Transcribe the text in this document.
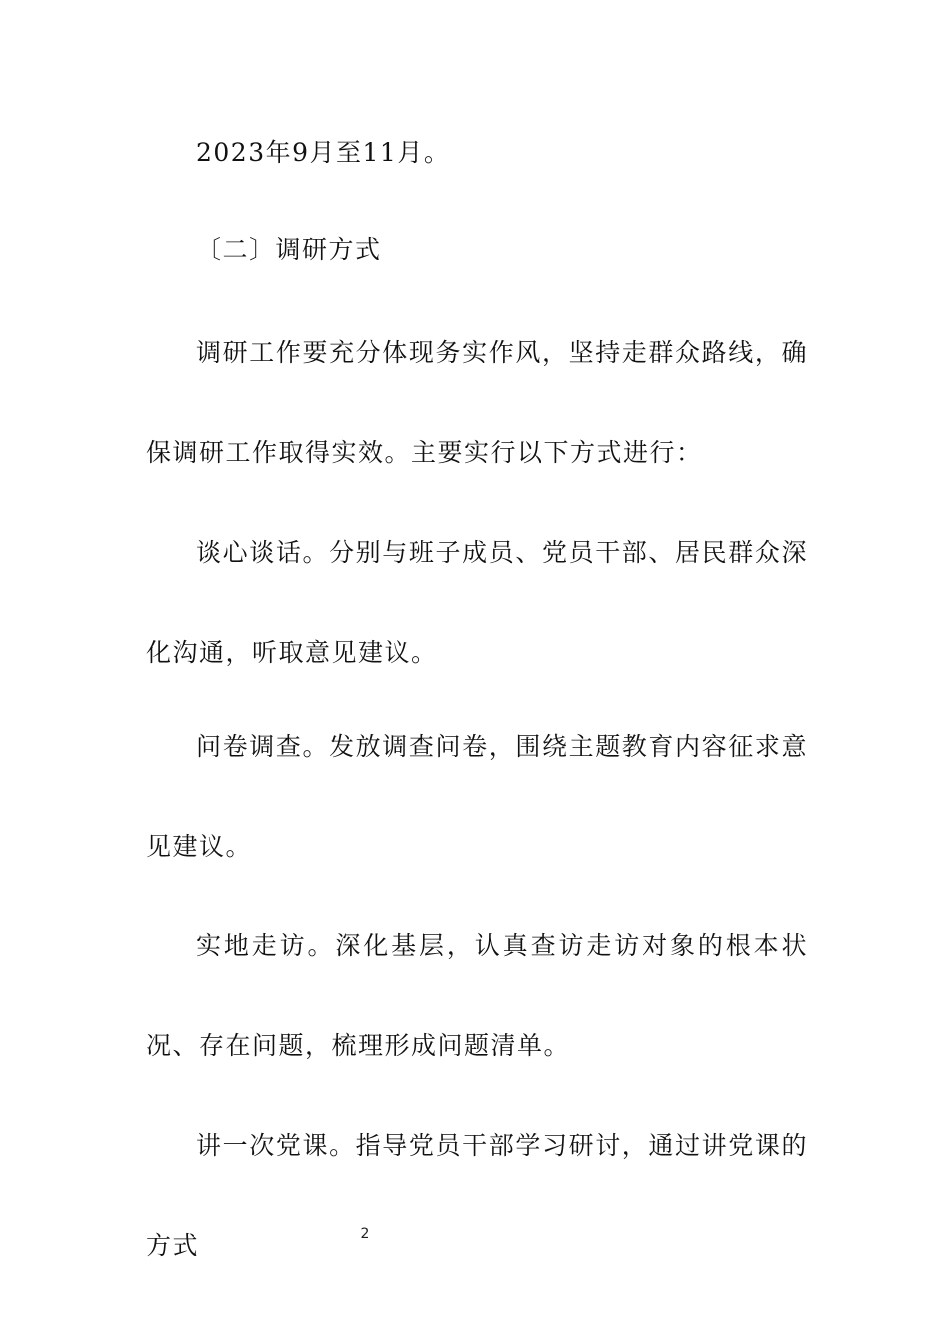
2023年9月至11月。

〔二〕调研方式

调研工作要充分体现务实作风，坚持走群众路线，确保调研工作取得实效。主要实行以下方式进行：

谈心谈话。分别与班子成员、党员干部、居民群众深化沟通，听取意见建议。

问卷调查。发放调查问卷，围绕主题教育内容征求意见建议。

实地走访。深化基层，认真查访走访对象的根本状况、存在问题，梳理形成问题清单。

讲一次党课。指导党员干部学习研讨，通过讲党课的方式	2
